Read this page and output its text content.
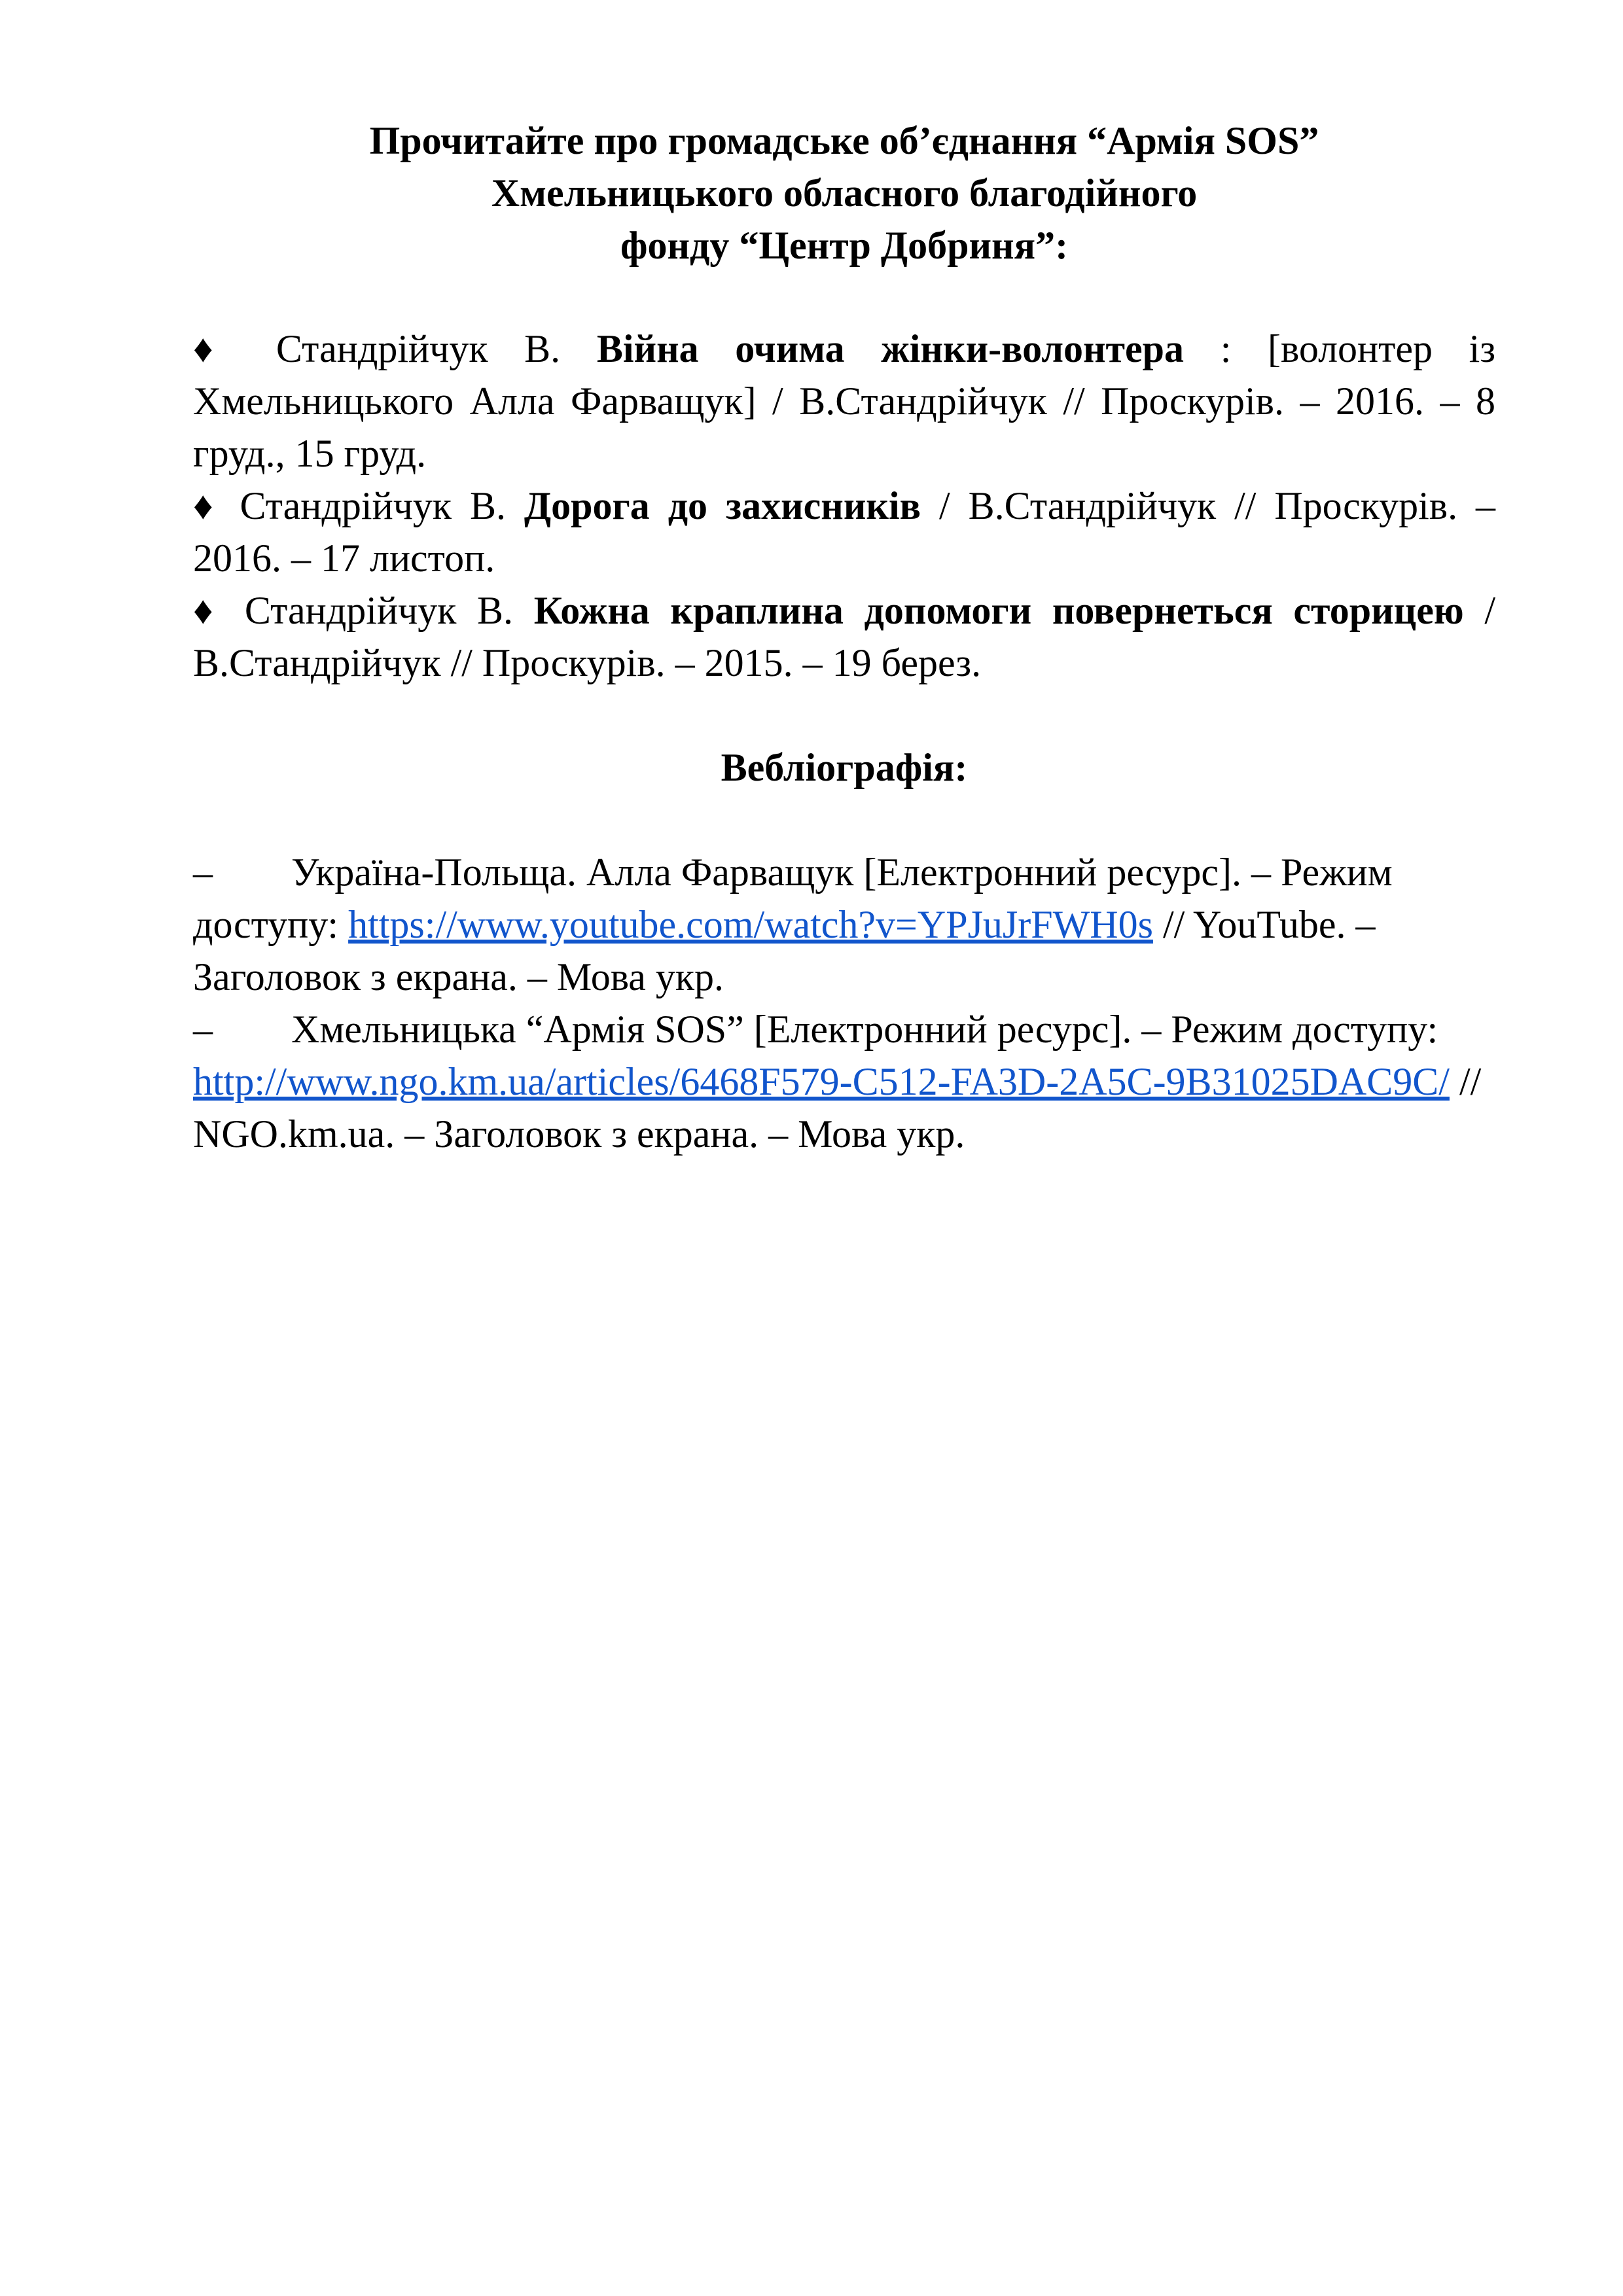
Прочитайте про громадське об’єднання “Армія SOS”
Хмельницького обласного благодійного
фонду “Центр Добриня”:

♦ Стандрійчук В. Війна очима жінки-волонтера : [волонтер із Хмельницького Алла Фарващук] / В.Стандрійчук // Проскурів. – 2016. – 8 груд., 15 груд.

♦ Стандрійчук В. Дорога до захисників / В.Стандрійчук // Проскурів. – 2016. – 17 листоп.

♦ Стандрійчук В. Кожна краплина допомоги повернеться сторицею / В.Стандрійчук // Проскурів. – 2015. – 19 берез.

Вебліографія:

– Україна-Польща. Алла Фарващук [Електронний ресурс]. – Режим доступу: https://www.youtube.com/watch?v=YPJuJrFWH0s // YouTube. – Заголовок з екрана. – Мова укр.

– Хмельницька “Армія SOS” [Електронний ресурс]. – Режим доступу: http://www.ngo.km.ua/articles/6468F579-C512-FA3D-2A5C-9B31025DAC9C/ // NGO.km.ua. – Заголовок з екрана. – Мова укр.
